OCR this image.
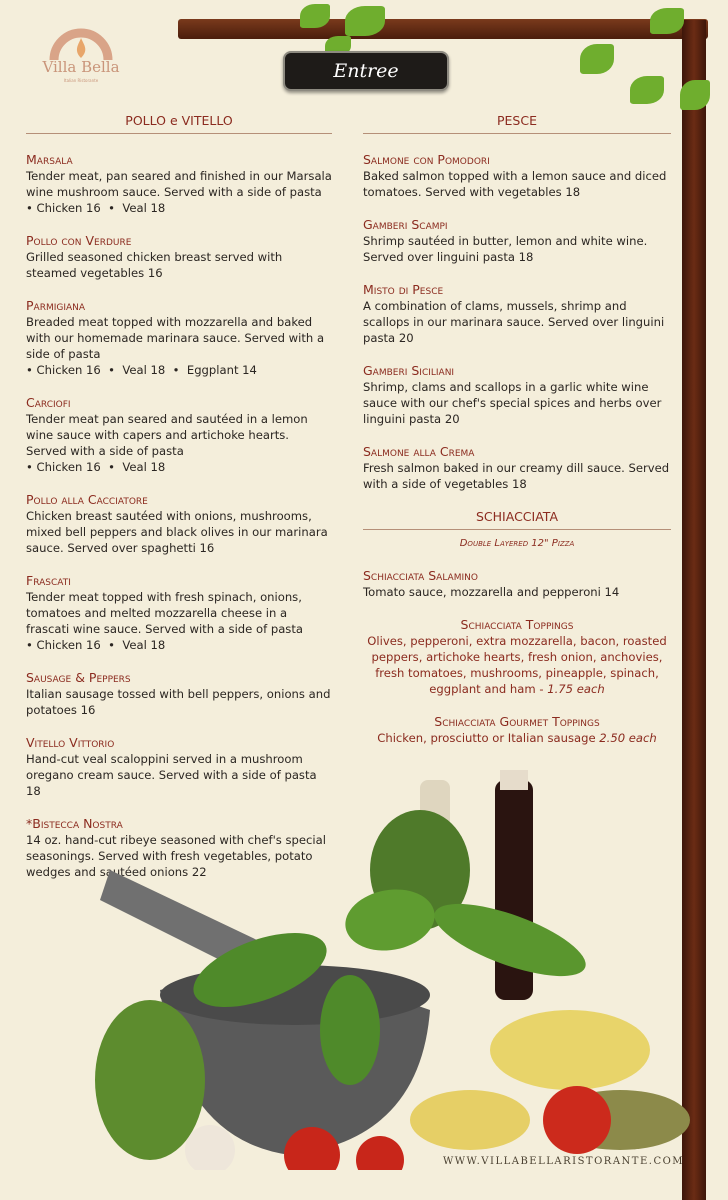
Villa Bella
Italian Ristorante	Entree
POLLO e VITELLO
Marsala
Tender meat, pan seared and finished in our Marsala wine mushroom sauce. Served with a side of pasta
• Chicken 16  •  Veal 18
Pollo con Verdure
Grilled seasoned chicken breast served with steamed vegetables 16
Parmigiana
Breaded meat topped with mozzarella and baked with our homemade marinara sauce. Served with a side of pasta
• Chicken 16  •  Veal 18  •  Eggplant 14
Carciofi
Tender meat pan seared and sautéed in a lemon wine sauce with capers and artichoke hearts. Served with a side of pasta
• Chicken 16  •  Veal 18
Pollo alla Cacciatore
Chicken breast sautéed with onions, mushrooms, mixed bell peppers and black olives in our marinara sauce. Served over spaghetti 16
Frascati
Tender meat topped with fresh spinach, onions, tomatoes and melted mozzarella cheese in a frascati wine sauce. Served with a side of pasta
• Chicken 16  •  Veal 18
Sausage & Peppers
Italian sausage tossed with bell peppers, onions and potatoes 16
Vitello Vittorio
Hand-cut veal scaloppini served in a mushroom oregano cream sauce. Served with a side of pasta 18
*Bistecca Nostra
14 oz. hand-cut ribeye seasoned with chef's special seasonings. Served with fresh vegetables, potato wedges and sautéed onions 22
PESCE
Salmone con Pomodori
Baked salmon topped with a lemon sauce and diced tomatoes. Served with vegetables 18
Gamberi Scampi
Shrimp sautéed in butter, lemon and white wine. Served over linguini pasta 18
Misto di Pesce
A combination of clams, mussels, shrimp and scallops in our marinara sauce. Served over linguini pasta 20
Gamberi Siciliani
Shrimp, clams and scallops in a garlic white wine sauce with our chef's special spices and herbs over linguini pasta 20
Salmone alla Crema
Fresh salmon baked in our creamy dill sauce. Served with a side of vegetables 18
SCHIACCIATA
Double Layered 12" Pizza
Schiacciata Salamino
Tomato sauce, mozzarella and pepperoni 14
Schiacciata Toppings
Olives, pepperoni, extra mozzarella, bacon, roasted peppers, artichoke hearts, fresh onion, anchovies, fresh tomatoes, mushrooms, pineapple, spinach, eggplant and ham - 1.75 each
Schiacciata Gourmet Toppings
Chicken, prosciutto or Italian sausage 2.50 each
WWW.VILLABELLARISTORANTE.COM
